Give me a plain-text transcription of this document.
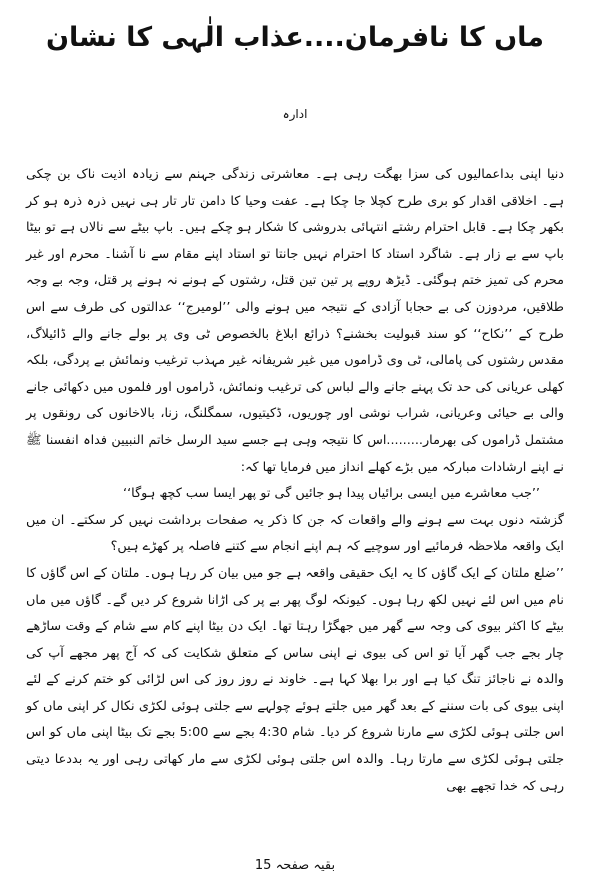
ماں کا نافرمان....عذاب الٰہی کا نشان
ادارہ

دنیا اپنی بداعمالیوں کی سزا بھگت رہی ہے۔ معاشرتی زندگی جہنم سے زیادہ اذیت ناک بن چکی ہے۔ اخلاقی اقدار کو بری طرح کچلا جا چکا ہے۔ عفت وحیا کا دامن تار تار ہی نہیں ذرہ ذرہ ہو کر بکھر چکا ہے۔ قابل احترام رشتے انتہائی بدروشی کا شکار ہو چکے ہیں۔ باپ بیٹے سے نالاں ہے تو بیٹا باپ سے بے زار ہے۔ شاگرد استاد کا احترام نہیں جانتا تو استاد اپنے مقام سے نا آشنا۔ محرم اور غیر محرم کی تمیز ختم ہوگئی۔ ڈیڑھ روپے پر تین تین قتل، رشتوں کے ہونے نہ ہونے پر قتل، وجہ بے وجہ طلاقیں، مردوزن کی بے حجابا آزادی کے نتیجہ میں ہونے والی ’’لومیرج‘‘ عدالتوں کی طرف سے اس طرح کے ’’نکاح‘‘ کو سند قبولیت بخشنے؟ ذرائع ابلاغ بالخصوص ٹی وی پر بولے جانے والے ڈائیلاگ، مقدس رشتوں کی پامالی، ٹی وی ڈراموں میں غیر شریفانہ غیر مہذب ترغیب ونمائش بے پردگی، بلکہ کھلی عریانی کی حد تک پہنے جانے والے لباس کی ترغیب ونمائش، ڈراموں اور فلموں میں دکھائی جانے والی بے حیائی وعریانی، شراب نوشی اور چوریوں، ڈکیتیوں، سمگلنگ، زنا، بالاخانوں کی رونقوں پر مشتمل ڈراموں کی بھرمار.........اس کا نتیجہ وہی ہے جسے سید الرسل خاتم النبیین فداہ انفسنا ﷺ نے اپنے ارشادات مبارکہ میں بڑے کھلے انداز میں فرمایا تھا کہ:

’’جب معاشرے میں ایسی برائیاں پیدا ہو جائیں گی تو پھر ایسا سب کچھ ہوگا‘‘

گزشتہ دنوں بہت سے ہونے والے واقعات کہ جن کا ذکر یہ صفحات برداشت نہیں کر سکتے۔ ان میں ایک واقعہ ملاحظہ فرمائیے اور سوچیے کہ ہم اپنے انجام سے کتنے فاصلہ پر کھڑے ہیں؟

’’ضلع ملتان کے ایک گاؤں کا یہ ایک حقیقی واقعہ ہے جو میں بیان کر رہا ہوں۔ ملتان کے اس گاؤں کا نام میں اس لئے نہیں لکھ رہا ہوں۔ کیونکہ لوگ پھر بے پر کی اڑانا شروع کر دیں گے۔ گاؤں میں ماں بیٹے کا اکثر بیوی کی وجہ سے گھر میں جھگڑا رہتا تھا۔ ایک دن بیٹا اپنے کام سے شام کے وقت ساڑھے چار بجے جب گھر آیا تو اس کی بیوی نے اپنی ساس کے متعلق شکایت کی کہ آج پھر مجھے آپ کی والدہ نے ناجائز تنگ کیا ہے اور برا بھلا کہا ہے۔ خاوند نے روز روز کی اس لڑائی کو ختم کرنے کے لئے اپنی بیوی کی بات سننے کے بعد گھر میں جلتے ہوئے چولہے سے جلتی ہوئی لکڑی نکال کر اپنی ماں کو اس جلتی ہوئی لکڑی سے مارنا شروع کر دیا۔ شام 4:30 بجے سے 5:00 بجے تک بیٹا اپنی ماں کو اس جلتی ہوئی لکڑی سے مارتا رہا۔ والدہ اس جلتی ہوئی لکڑی سے مار کھاتی رہی اور یہ بددعا دیتی رہی کہ خدا تجھے بھی

بقیہ صفحہ 15
